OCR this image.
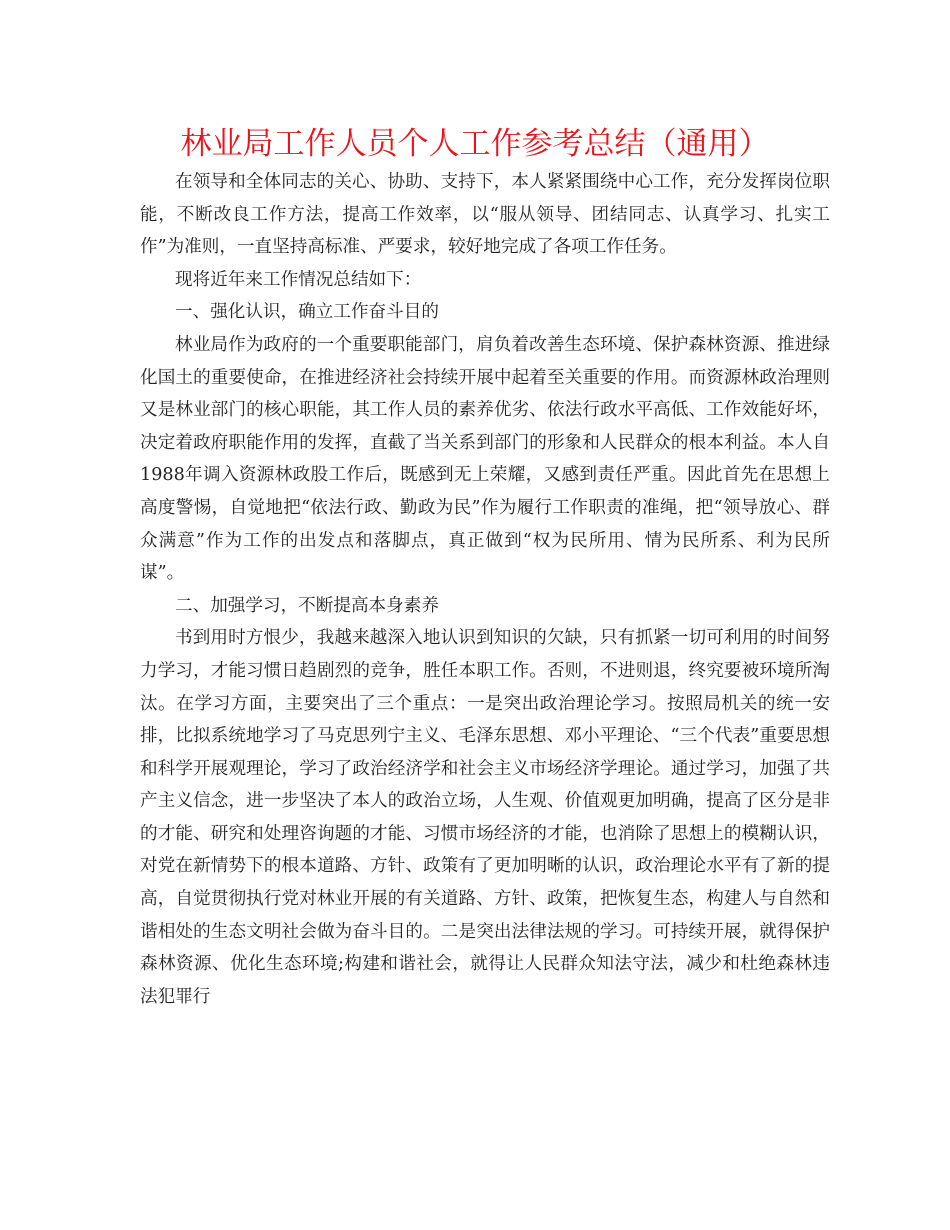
林业局工作人员个人工作参考总结（通用）

在领导和全体同志的关心、协助、支持下，本人紧紧围绕中心工作，充分发挥岗位职能，不断改良工作方法，提高工作效率，以“服从领导、团结同志、认真学习、扎实工作”为准则，一直坚持高标准、严要求，较好地完成了各项工作任务。

现将近年来工作情况总结如下：

一、强化认识，确立工作奋斗目的

林业局作为政府的一个重要职能部门，肩负着改善生态环境、保护森林资源、推进绿化国土的重要使命，在推进经济社会持续开展中起着至关重要的作用。而资源林政治理则又是林业部门的核心职能，其工作人员的素养优劣、依法行政水平高低、工作效能好坏，决定着政府职能作用的发挥，直截了当关系到部门的形象和人民群众的根本利益。本人自1988年调入资源林政股工作后，既感到无上荣耀，又感到责任严重。因此首先在思想上高度警惕，自觉地把“依法行政、勤政为民”作为履行工作职责的准绳，把“领导放心、群众满意”作为工作的出发点和落脚点，真正做到“权为民所用、情为民所系、利为民所谋”。

二、加强学习，不断提高本身素养

书到用时方恨少，我越来越深入地认识到知识的欠缺，只有抓紧一切可利用的时间努力学习，才能习惯日趋剧烈的竞争，胜任本职工作。否则，不进则退，终究要被环境所淘汰。在学习方面，主要突出了三个重点：一是突出政治理论学习。按照局机关的统一安排，比拟系统地学习了马克思列宁主义、毛泽东思想、邓小平理论、“三个代表”重要思想和科学开展观理论，学习了政治经济学和社会主义市场经济学理论。通过学习，加强了共产主义信念，进一步坚决了本人的政治立场，人生观、价值观更加明确，提高了区分是非的才能、研究和处理咨询题的才能、习惯市场经济的才能，也消除了思想上的模糊认识，对党在新情势下的根本道路、方针、政策有了更加明晰的认识，政治理论水平有了新的提高，自觉贯彻执行党对林业开展的有关道路、方针、政策，把恢复生态，构建人与自然和谐相处的生态文明社会做为奋斗目的。二是突出法律法规的学习。可持续开展，就得保护森林资源、优化生态环境;构建和谐社会，就得让人民群众知法守法，减少和杜绝森林违法犯罪行
